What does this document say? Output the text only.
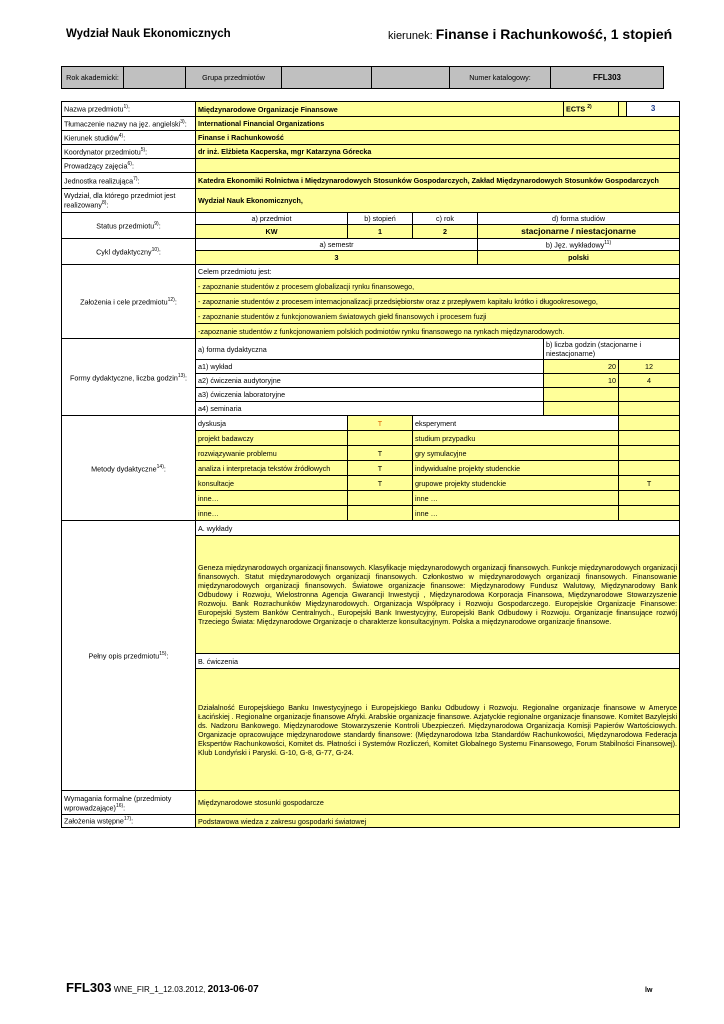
Wydział Nauk Ekonomicznych	kierunek: Finanse i Rachunkowość, 1 stopień
Rok akademicki:		Grupa przedmiotów			Numer katalogowy:	FFL303
Nazwa przedmiotu$^{1)}$:	Międzynarodowe Organizacje Finansowe					ECTS $^{2)}$		3
Tłumaczenie nazwy na jęz. angielski$^{3)}$:	International Financial Organizations							
Kierunek studiów$^{4)}$:	Finanse i Rachunkowość							
Koordynator przedmiotu$^{5)}$:	dr inż. Elżbieta Kacperska, mgr Katarzyna Górecka							
Prowadzący zajęcia$^{6)}$:								
Jednostka realizująca$^{7)}$:	Katedra Ekonomiki Rolnictwa i Międzynarodowych Stosunków Gospodarczych, Zakład Międzynarodowych Stosunków Gospodarczych							
Wydział, dla którego przedmiot jest realizowany$^{8)}$:	Wydział Nauk Ekonomicznych,							
Status przedmiotu$^{9)}$:	a) przedmiot	b) stopień	c) rok	d) forma studiów				
	KW	1	2	stacjonarne / niestacjonarne				
Cykl dydaktyczny$^{10)}$:	a) semestr			b) Jęz. wykładowy$^{11)}$
	3			polski				
Założenia i cele przedmiotu$^{12)}$:	Celem przedmiotu jest:							
	- zapoznanie studentów z procesem globalizacji rynku finansowego,							
	- zapoznanie studentów z procesem internacjonalizacji przedsiębiorstw oraz z przepływem kapitału krótko i długookresowego,							
	- zapoznanie studentów z funkcjonowaniem światowych giełd finansowych i procesem fuzji							
	-zapoznanie studentów z funkcjonowaniem polskich podmiotów rynku finansowego na rynkach międzynarodowych.							
Formy dydaktyczne, liczba godzin$^{13)}$:	a) forma dydaktyczna				b) liczba godzin (stacjonarne i niestacjonarne)			
	a1) wykład				20		12	
	a2) ćwiczenia audytoryjne				10		4	
	a3) ćwiczenia laboratoryjne							
	a4) seminaria							
Metody dydaktyczne$^{14)}$:	dyskusja	T	eksperyment					
	projekt badawczy		studium przypadku					
	rozwiązywanie problemu	T	gry symulacyjne					
	analiza i interpretacja tekstów źródłowych	T	indywidualne projekty studenckie					
	konsultacje	T	grupowe projekty studenckie				T	
	inne…		inne …					
	inne…		inne …					
Pełny opis przedmiotu$^{15)}$:	A. wykłady							
	Geneza międzynarodowych organizacji finansowych. Klasyfikacje międzynarodowych organizacji finansowych. Funkcje międzynarodowych organizacji finansowych. Statut międzynarodowych organizacji finansowych. Członkostwo w międzynarodowych organizacji finansowych. Finansowanie międzynarodowych organizacji finansowych. Światowe organizacje finansowe: Międzynarodowy Fundusz Walutowy, Międzynarodowy Bank Odbudowy i Rozwoju, Wielostronna Agencja Gwarancji Inwestycji , Międzynarodowa Korporacja Finansowa, Międzynarodowe Stowarzyszenie Rozwoju. Bank Rozrachunków Międzynarodowych. Organizacja Współpracy i Rozwoju Gospodarczego. Europejskie Organizacje Finansowe: Europejski System Banków Centralnych., Europejski Bank Inwestycyjny, Europejski Bank Odbudowy i Rozwoju. Organizacje finansujące rozwój Trzeciego Świata: Międzynarodowe Organizacje o charakterze konsultacyjnym. Polska a międzynarodowe organizacje finansowe.							
	B. ćwiczenia							
	Działalność Europejskiego Banku Inwestycyjnego i Europejskiego Banku Odbudowy i Rozwoju. Regionalne organizacje finansowe w Ameryce Łacińskiej . Regionalne organizacje finansowe Afryki. Arabskie organizacje finansowe. Azjatyckie regionalne organizacje finansowe. Komitet Bazylejski ds. Nadzoru Bankowego. Międzynarodowe Stowarzyszenie Kontroli Ubezpieczeń. Międzynarodowa Organizacja Komisji Papierów Wartościowych. Organizacje opracowujące międzynarodowe standardy finansowe: (Międzynarodowa Izba Standardów Rachunkowości, Międzynarodowa Federacja Ekspertów Rachunkowości, Komitet ds. Płatności i Systemów Rozliczeń, Komitet Globalnego Systemu Finansowego, Forum Stabilności Finansowej). Klub Londyński i Paryski. G-10, G-8, G-77, G-24.							
Wymagania formalne (przedmioty wprowadzające)$^{16)}$:	Międzynarodowe stosunki gospodarcze							
Założenia wstępne$^{17)}$:	Podstawowa wiedza z zakresu gospodarki światowej							
FFL303 WNE_FIR_1_12.03.2012, 2013-06-07	lw
